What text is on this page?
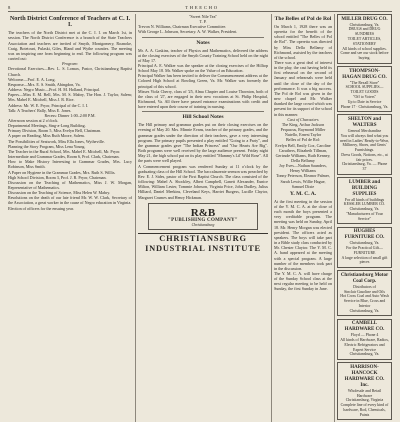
8	T H E E C H O
North District Conference of Teachers at C. I. I.

The teachers of the North District met at the C. I. I. on March 1st, in session. The North District Conference is a branch of the State Teachers Association and teachers are invited of Smyth, Montgomery, Roanoke, Craig, Botetourt, Pulaski, Giles, Bland and Wythe counties. The meeting was an inspiring one from beginning to end. The following program was carried out:

Program:

Devotional Exercises—Rev. L. S. Lomax, Pastor, Christiansburg Baptist Church.

Welcome—Prof. E. A. Long.

Response—Mrs. E. S. Smith, Abingdon, Va.

Address: Negro Music—Prof. H. M. Holland, Principal.

Papers—Miss E. M. Bell, Mrs. M. S. Mabry, The Hon. J. Taylor, Salem; Mrs. Mabel E. Mitchell, Miss J. R. Rice.

Address: Mr. W. E. Pryor, Principal of the C. I. I.

Talk: A Teachers' Rally, Miss E. Jones.

Recess: Dinner 1:00–2:00 P.M.

Afternoon session at 2 o'clock.

Departmental Meetings, Sing-a-Long Building.

Primary Division, Room 5, Miss Evelyn Bell, Chairman.

A paper on Reading, Miss Ruth Moore, Salem.

The Possibilities of Seatwork, Miss Ella Jones, Wytheville.

Planning the Story Program, Miss Lena Young.

The Teacher in the Rural School, Mrs. Mabel E. Mitchell, Mr. Pryor.

Intermediate and Grammar Grades, Room 6, Prof. Clark, Chairman.

How to Make History Interesting to Grammar Grades, Mrs. Lucy Robinson, Miss Smith.

A Paper on Hygiene in the Grammar Grades, Mrs. Ruth S. Willis.

High School Division, Room 3, Prof. J. R. Pryor, Chairman.

Discussion on the Teaching of Mathematics, Miss J. W. Morgan, Representative of Mathematics.

Discussion on the Teaching of Science, Miss Helen W. Mabry.

Resolutions on the death of our late friend Mr. W. W. Clark, Secretary of the Association, a great worker in the cause of Negro education in Virginia.

Election of officers for the ensuing year.

"Sweet Nile Tea"

T. P.

Trevon N. Williams, Chairman Executive Committee.

With George L. Johnson, Secretary. A. W. Walker, President.

Notes

Mr. A. A. Gaskins, teacher of Physics and Mathematics, delivered the address at the closing exercises of the Smyth County Training School held on the night of May 17.

Principal A. E. Walker was the speaker at the closing exercises of the Hilltop School May 18. Mr. Walker spoke on the Value of an Education.

Principal Walker has been invited to deliver the Commencement address at the Colored High School at Bowling Green, Va. Mr. Walker was formerly the principal of this school.

Misses Viola Cherry, class of '25, Alma Chapter and Louise Thornton, both of the class of '27, are engaged in their new vocations at St. Philip Hospital, Richmond, Va. All three have passed entrance examinations with credit and have entered upon their course of training in nursing.

Hill School Notes

The Hill primary and grammar grades put on their closing exercises on the evening of May 20. Mrs. Minnie Evans, teacher of the primary grades, and the grammar grades under the direction of their teachers, gave a very interesting program. The primary pupils presented a play entitled "Going to a Party", and the grammar grades gave "The Indian Princess" and "Our Hearts Are Big". Both programs were well received by the large audience present. Friday night May 21, the high school put on its play entitled "Mammy's Lil' Wild Rose". All the parts were well played.

A Commencement program was rendered Sunday at 11 o'clock by the graduating class of the Hill School. The baccalaureate sermon was preached by Rev. E. J. Sides, pastor of the First Baptist Church. The class consisted of the following: Mabel A. Shockley, Albert Campbell, Ganett Alexander, Eunice Milton, William Lester, Tommie Johnson, Virginia Price, John Dudley, Julius Hilliard, Daniel Meekins, Cleveland Keys, Harriet Burgess, Lucille Claytor, Margaret Crumes and Henry Hickman.

R&B
"PUBLISHING COMPANY"
Christiansburg
CHRISTIANSBURG INDUSTRIAL INSTITUTE
The Belles of Pol de Rol

On March 1, 1928 there was an operetta for the benefit of the school entitled "The Belles of Pol de Rol". The operetta was directed by Miss Della Bellamy of Richmond, assisted by the teachers of the school.

There was a great deal of interest in the play, the cast having held its first rehearsal on the second of January and rehearsals were held until the close of the day of the performance. It was a big success. The Pol de Rol was given in the new chapel and Mr. Walker thanked the large crowd which was present for its support of the school in this manner.

Cast of Characters

The King, Arthur Jackson

Pequacus, Raymond Miller

Nutello, Ernest Taylor

Belles of Pol de Rol:

Evelyn Bell, Emily Cox, Caroline Caruthers, Elizabeth Tillman, Gertrude Williams, Ruth Kenney, Della Bellamy

Joy Eves—Nathan Saunders, Henry Williams

Tonny Peterson, Eleanor Palmer, Sarah Lewis, Willie Hague, Samuel Dixie

Y. M. C. A.

At the first meeting in the session of the Y. M. C. A. at the close of each month the boys presented a very creditable program. The meeting was held on Sunday, April 18. Mr. Henry Morgan was elected president. The officers acted as speakers. The boys will take part in a Bible study class conducted by Mr. Chester Claytor. The Y. M. C. A. band appeared at the meeting with a special program. A large number of the members took part in the discussion.

The Y. M. C. A. will have charge of the Sunday School class at the next regular meeting to be held on Sunday, the first Sunday in June.

MILLER DRUG CO.

Christiansburg, Va.

DRUGS and DRUG SUNDRIES

TOILET ARTICLES, STATIONERY

All kinds of school supplies.

Come and see our stock before buying.

THOMPSON-HAGAN DRUG CO.

"The Rexall Store"

SCHOOL SUPPLIES—TOILET GOODS

"Off to Voters"

Up to Date in Service

Phone 17 · Christiansburg, Va.

SHELTON and WALTERS

General Merchandise

You will always find what you need in Ladies' Ready-to-Wear, Millinery, Shoes, and Gents' Furnishings.

Dress Goods, Notions, etc., at fair prices.

Christiansburg, Va. — Phone 37

LUMBER and BUILDING SUPPLIES

For all kinds of buildings

KESSLER LUMBER CO.

Christiansburg, Va.

"Manufacturers of Your Service"

HUGHES FURNITURE CO.

Christiansburg, Va.

For the Practical Gift—

FURNITURE

A large selection of small gift pieces

Christiansburg Motor Coal Corp.

Distributors of

Sinclair Gasoline and Oils

Hot Cross Coal and Auto Wash Service in Blue, Cross and Interior

Christiansburg, Va.

CAMBELL HARDWARE CO.

Floyd — Phone 4

All kinds of Hardware, Radios, Electric Refrigerators and Expert Service

Christiansburg, Va.

HARRISON-HANCOCK HARDWARE CO. Inc.

Wholesale and Retail

Hardware

Christiansburg, Virginia

Complete line of every kind of hardware, Rod, Chemicals, Paints
